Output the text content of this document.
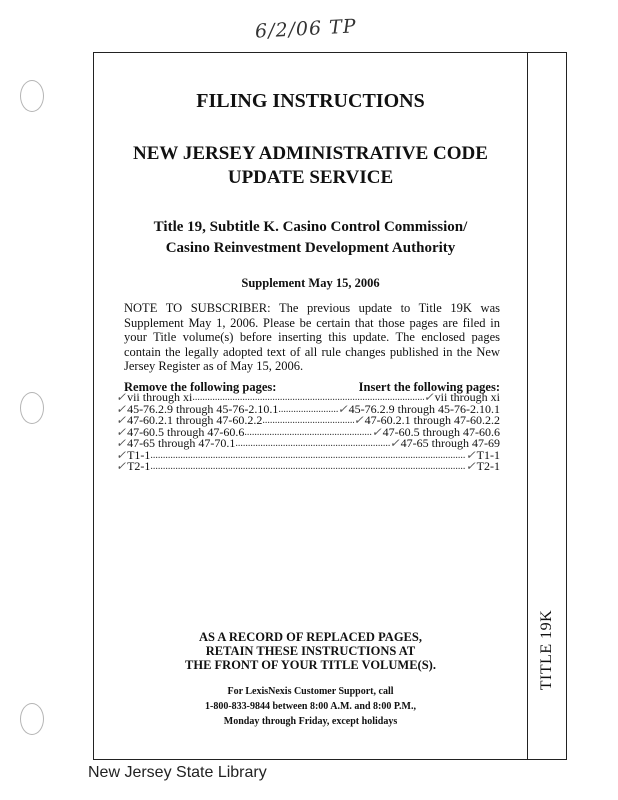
6/2/06 TP
TITLE 19K
FILING INSTRUCTIONS
NEW JERSEY ADMINISTRATIVE CODE
UPDATE SERVICE
Title 19, Subtitle K. Casino Control Commission/
Casino Reinvestment Development Authority
Supplement May 15, 2006
NOTE TO SUBSCRIBER: The previous update to Title 19K was Supplement May 1, 2006. Please be certain that those pages are filed in your Title volume(s) before inserting this update. The enclosed pages contain the legally adopted text of all rule changes published in the New Jersey Register as of May 15, 2006.
Remove the following pages:	Insert the following pages:
✓ vii through xi .....	✓ vii through xi
✓ 45-76.2.9 through 45-76-2.10.1 .....	✓ 45-76.2.9 through 45-76-2.10.1
✓ 47-60.2.1 through 47-60.2.2 .....	✓ 47-60.2.1 through 47-60.2.2
✓ 47-60.5 through 47-60.6 .....	✓ 47-60.5 through 47-60.6
✓ 47-65 through 47-70.1 .....	✓ 47-65 through 47-69
✓ T1-1 .....	✓ T1-1
✓ T2-1 .....	✓ T2-1
AS A RECORD OF REPLACED PAGES,
RETAIN THESE INSTRUCTIONS AT
THE FRONT OF YOUR TITLE VOLUME(S).
For LexisNexis Customer Support, call
1-800-833-9844 between 8:00 A.M. and 8:00 P.M.,
Monday through Friday, except holidays
New Jersey State Library
